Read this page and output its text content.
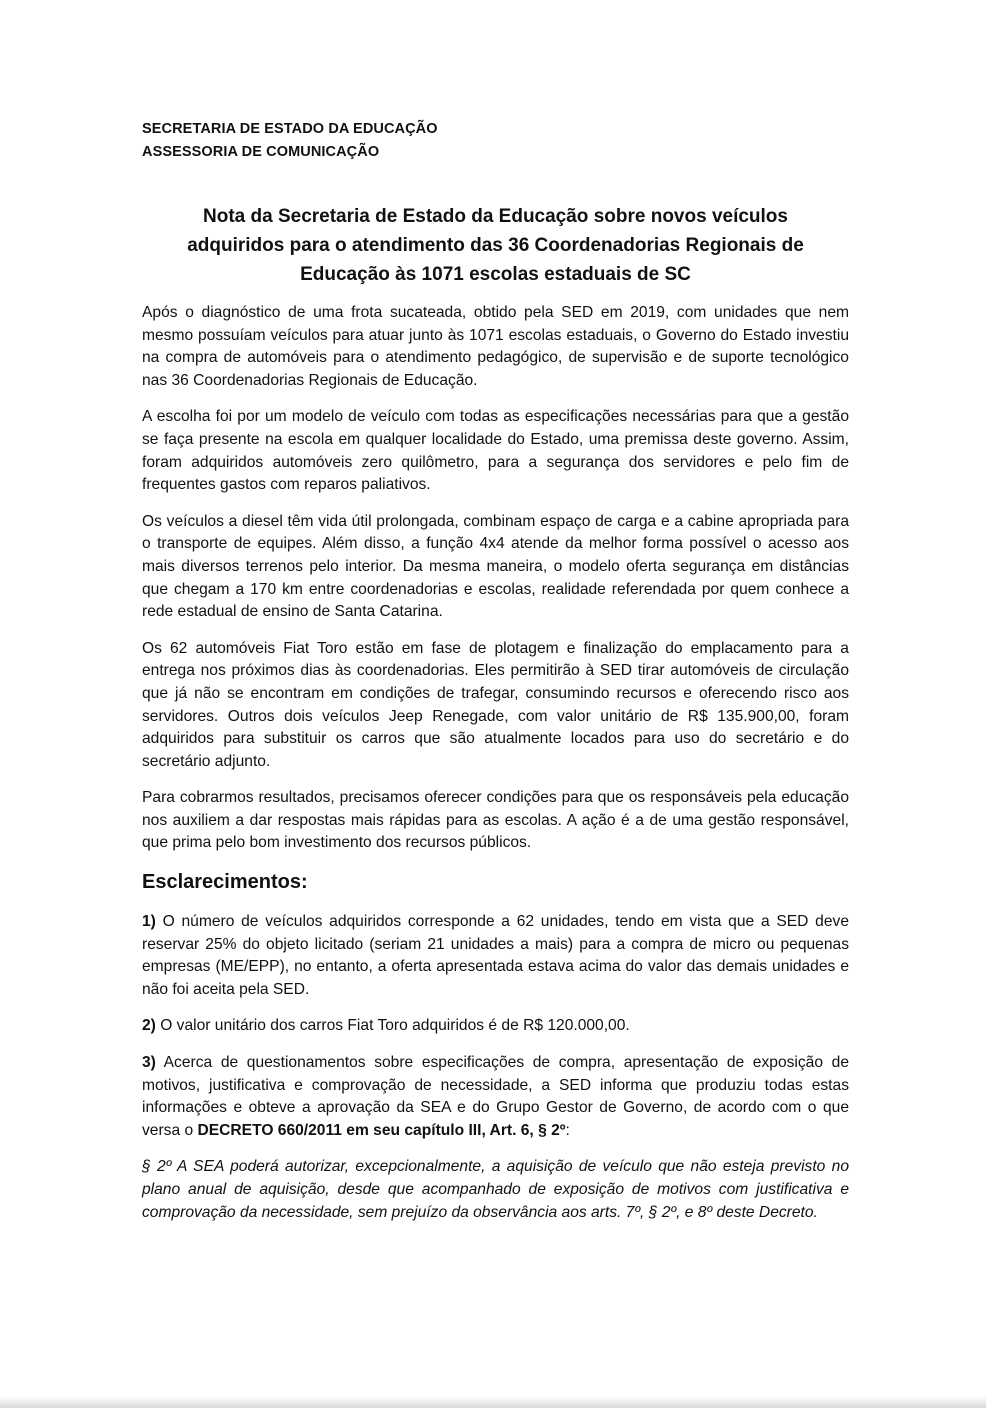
SECRETARIA DE ESTADO DA EDUCAÇÃO
ASSESSORIA DE COMUNICAÇÃO
Nota da Secretaria de Estado da Educação sobre novos veículos
adquiridos para o atendimento das 36 Coordenadorias Regionais de
Educação às 1071 escolas estaduais de SC

Após o diagnóstico de uma frota sucateada, obtido pela SED em 2019, com unidades que nem mesmo possuíam veículos para atuar junto às 1071 escolas estaduais, o Governo do Estado investiu na compra de automóveis para o atendimento pedagógico, de supervisão e de suporte tecnológico nas 36 Coordenadorias Regionais de Educação.

A escolha foi por um modelo de veículo com todas as especificações necessárias para que a gestão se faça presente na escola em qualquer localidade do Estado, uma premissa deste governo. Assim, foram adquiridos automóveis zero quilômetro, para a segurança dos servidores e pelo fim de frequentes gastos com reparos paliativos.

Os veículos a diesel têm vida útil prolongada, combinam espaço de carga e a cabine apropriada para o transporte de equipes. Além disso, a função 4x4 atende da melhor forma possível o acesso aos mais diversos terrenos pelo interior. Da mesma maneira, o modelo oferta segurança em distâncias que chegam a 170 km entre coordenadorias e escolas, realidade referendada por quem conhece a rede estadual de ensino de Santa Catarina.

Os 62 automóveis Fiat Toro estão em fase de plotagem e finalização do emplacamento para a entrega nos próximos dias às coordenadorias. Eles permitirão à SED tirar automóveis de circulação que já não se encontram em condições de trafegar, consumindo recursos e oferecendo risco aos servidores. Outros dois veículos Jeep Renegade, com valor unitário de R$ 135.900,00, foram adquiridos para substituir os carros que são atualmente locados para uso do secretário e do secretário adjunto.

Para cobrarmos resultados, precisamos oferecer condições para que os responsáveis pela educação nos auxiliem a dar respostas mais rápidas para as escolas. A ação é a de uma gestão responsável, que prima pelo bom investimento dos recursos públicos.

Esclarecimentos:

1) O número de veículos adquiridos corresponde a 62 unidades, tendo em vista que a SED deve reservar 25% do objeto licitado (seriam 21 unidades a mais) para a compra de micro ou pequenas empresas (ME/EPP), no entanto, a oferta apresentada estava acima do valor das demais unidades e não foi aceita pela SED.

2) O valor unitário dos carros Fiat Toro adquiridos é de R$ 120.000,00.

3) Acerca de questionamentos sobre especificações de compra, apresentação de exposição de motivos, justificativa e comprovação de necessidade, a SED informa que produziu todas estas informações e obteve a aprovação da SEA e do Grupo Gestor de Governo, de acordo com o que versa o DECRETO 660/2011 em seu capítulo III, Art. 6, § 2º:

§ 2º A SEA poderá autorizar, excepcionalmente, a aquisição de veículo que não esteja previsto no plano anual de aquisição, desde que acompanhado de exposição de motivos com justificativa e comprovação da necessidade, sem prejuízo da observância aos arts. 7º, § 2º, e 8º deste Decreto.
